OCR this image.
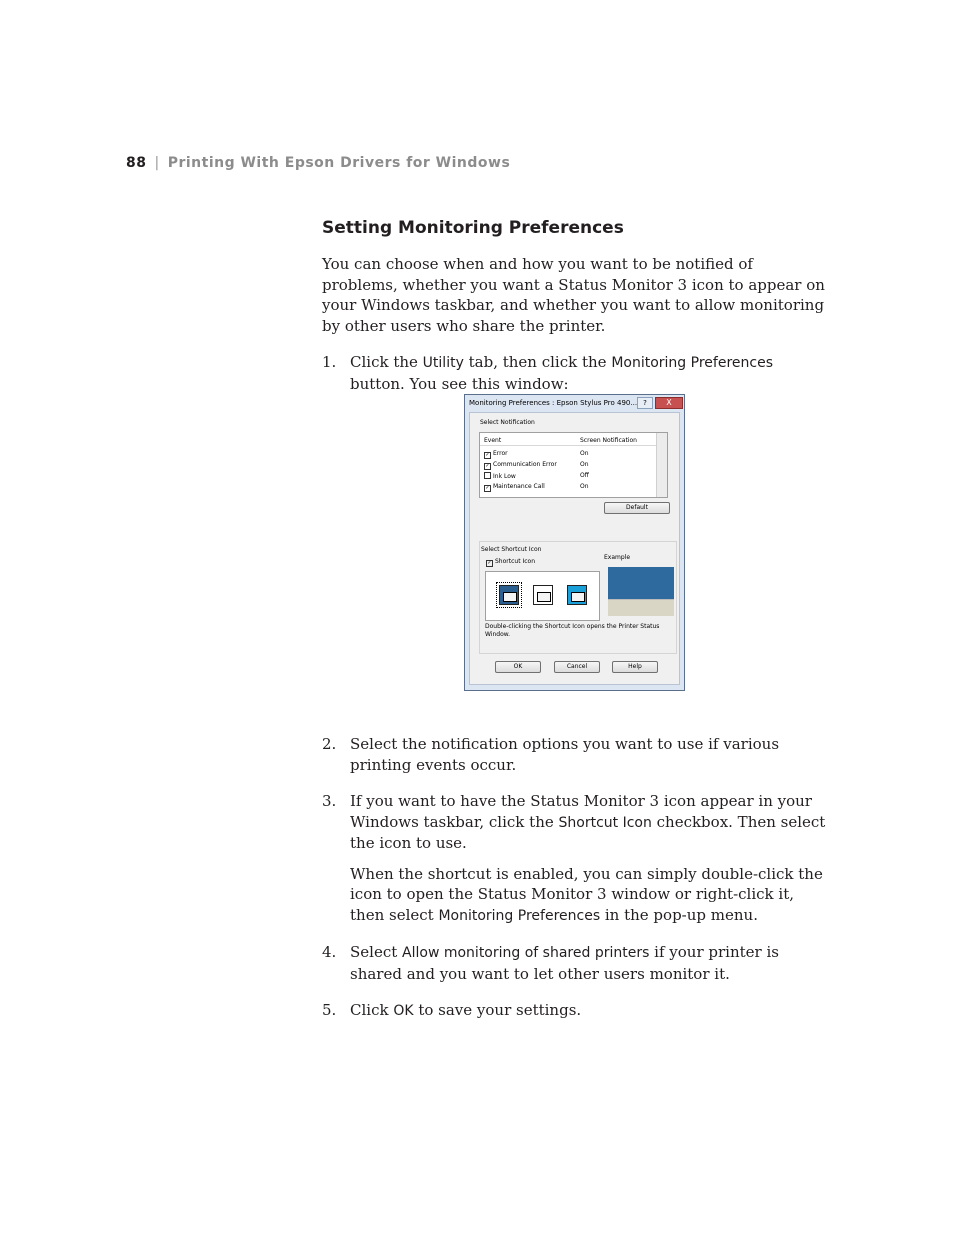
88 | Printing With Epson Drivers for Windows
Setting Monitoring Preferences

You can choose when and how you want to be notified of problems, whether you want a Status Monitor 3 icon to appear on your Windows taskbar, and whether you want to allow monitoring by other users who share the printer.

1. Click the Utility tab, then click the Monitoring Preferences button. You see this window:
2. Select the notification options you want to use if various printing events occur.
3. If you want to have the Status Monitor 3 icon appear in your Windows taskbar, click the Shortcut Icon checkbox. Then select the icon to use.
When the shortcut is enabled, you can simply double-click the icon to open the Status Monitor 3 window or right-click it, then select Monitoring Preferences in the pop-up menu.
4. Select Allow monitoring of shared printers if your printer is shared and you want to let other users monitor it.
5. Click OK to save your settings.
Monitoring Preferences : Epson Stylus Pro 490... ?	X
Select Notification
Event	Screen Notification
✓ Error	On
✓ Communication Error	On
Ink Low	Off
✓ Maintenance Call	On
Default
Select Shortcut Icon
✓ Shortcut Icon
Example
Double-clicking the Shortcut Icon opens the Printer Status Window.
OK	Cancel	Help
